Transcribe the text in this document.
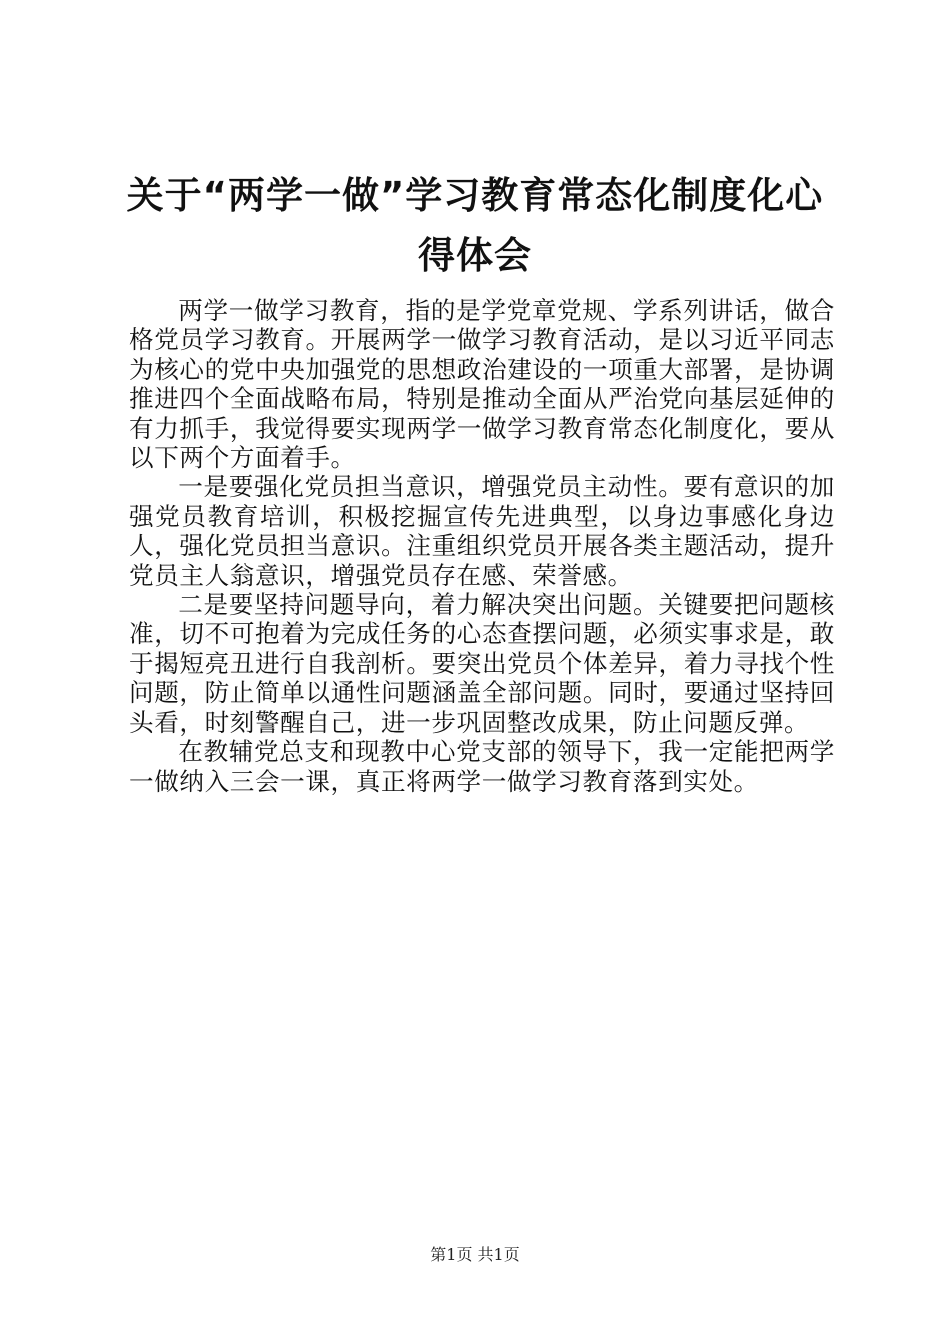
关于“两学一做”学习教育常态化制度化心得体会

两学一做学习教育，指的是学党章党规、学系列讲话，做合格党员学习教育。开展两学一做学习教育活动，是以习近平同志为核心的党中央加强党的思想政治建设的一项重大部署，是协调推进四个全面战略布局，特别是推动全面从严治党向基层延伸的有力抓手，我觉得要实现两学一做学习教育常态化制度化，要从以下两个方面着手。

一是要强化党员担当意识，增强党员主动性。要有意识的加强党员教育培训，积极挖掘宣传先进典型，以身边事感化身边人，强化党员担当意识。注重组织党员开展各类主题活动，提升党员主人翁意识，增强党员存在感、荣誉感。

二是要坚持问题导向，着力解决突出问题。关键要把问题核准，切不可抱着为完成任务的心态查摆问题，必须实事求是，敢于揭短亮丑进行自我剖析。要突出党员个体差异，着力寻找个性问题，防止简单以通性问题涵盖全部问题。同时，要通过坚持回头看，时刻警醒自己，进一步巩固整改成果，防止问题反弹。

在教辅党总支和现教中心党支部的领导下，我一定能把两学一做纳入三会一课，真正将两学一做学习教育落到实处。

第1页 共1页
